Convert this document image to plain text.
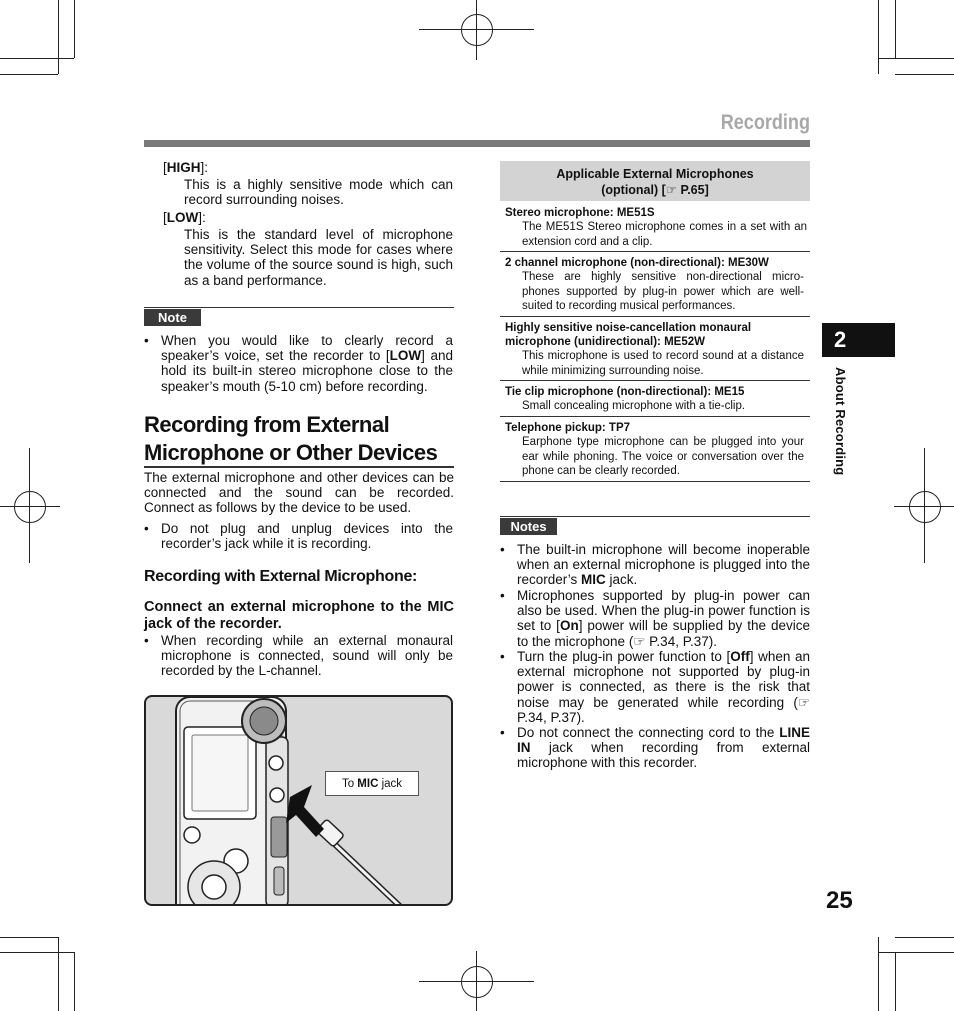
Recording
[HIGH]:
This is a highly sensitive mode which can record surrounding noises.
[LOW]:
This is the standard level of microphone sensitivity. Select this mode for cases where the volume of the source sound is high, such as a band performance.
Note
• When you would like to clearly record a speaker’s voice, set the recorder to [LOW] and hold its built-in stereo microphone close to the speaker’s mouth (5-10 cm) before recording.
Recording from External
Microphone or Other Devices
The external microphone and other devices can be connected and the sound can be recorded. Connect as follows by the device to be used.
• Do not plug and unplug devices into the recorder’s jack while it is recording.
Recording with External Microphone:
Connect an external microphone to the MIC jack of the recorder.
• When recording while an external monaural microphone is connected, sound will only be recorded by the L-channel.
To MIC jack
Applicable External Microphones
(optional) [☞ P.65]
Stereo microphone: ME51S
The ME51S Stereo microphone comes in a set with an extension cord and a clip.
2 channel microphone (non-directional): ME30W
These are highly sensitive non-directional micro-phones supported by plug-in power which are well-suited to recording musical performances.
Highly sensitive noise-cancellation monaural microphone (unidirectional): ME52W
This microphone is used to record sound at a distance while minimizing surrounding noise.
Tie clip microphone (non-directional): ME15
Small concealing microphone with a tie-clip.
Telephone pickup: TP7
Earphone type microphone can be plugged into your ear while phoning. The voice or conversation over the phone can be clearly recorded.
Notes
• The built-in microphone will become inoperable when an external microphone is plugged into the recorder’s MIC jack.
• Microphones supported by plug-in power can also be used. When the plug-in power function is set to [On] power will be supplied by the device to the microphone (☞ P.34, P.37).
• Turn the plug-in power function to [Off] when an external microphone not supported by plug-in power is connected, as there is the risk that noise may be generated while recording (☞ P.34, P.37).
• Do not connect the connecting cord to the LINE IN jack when recording from external microphone with this recorder.
2
About Recording
25
